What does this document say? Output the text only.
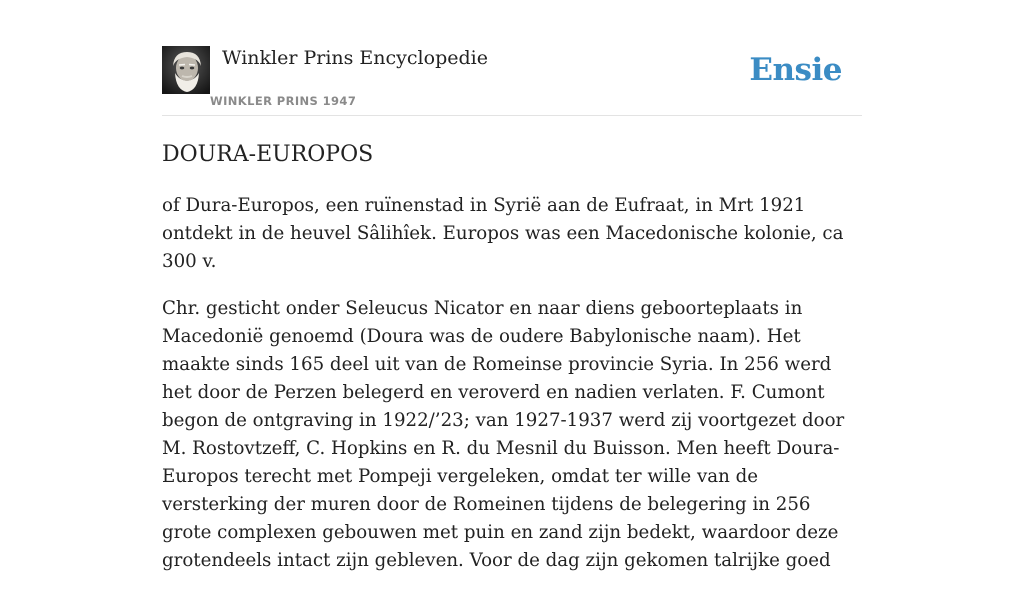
Winkler Prins Encyclopedie
WINKLER PRINS 1947
Ensie
DOURA-EUROPOS

of Dura-Europos, een ruïnenstad in Syrië aan de Eufraat, in Mrt 1921 ontdekt in de heuvel Sâlihîek. Europos was een Macedonische kolonie, ca 300 v.

Chr. gesticht onder Seleucus Nicator en naar diens geboorteplaats in Macedonië genoemd (Doura was de oudere Babylonische naam). Het maakte sinds 165 deel uit van de Romeinse provincie Syria. In 256 werd het door de Perzen belegerd en veroverd en nadien verlaten. F. Cumont begon de ontgraving in 1922/’23; van 1927-1937 werd zij voortgezet door M. Rostovtzeff, C. Hopkins en R. du Mesnil du Buisson. Men heeft Doura-Europos terecht met Pompeji vergeleken, omdat ter wille van de versterking der muren door de Romeinen tijdens de belegering in 256 grote complexen gebouwen met puin en zand zijn bedekt, waardoor deze grotendeels intact zijn gebleven. Voor de dag zijn gekomen talrijke goed
